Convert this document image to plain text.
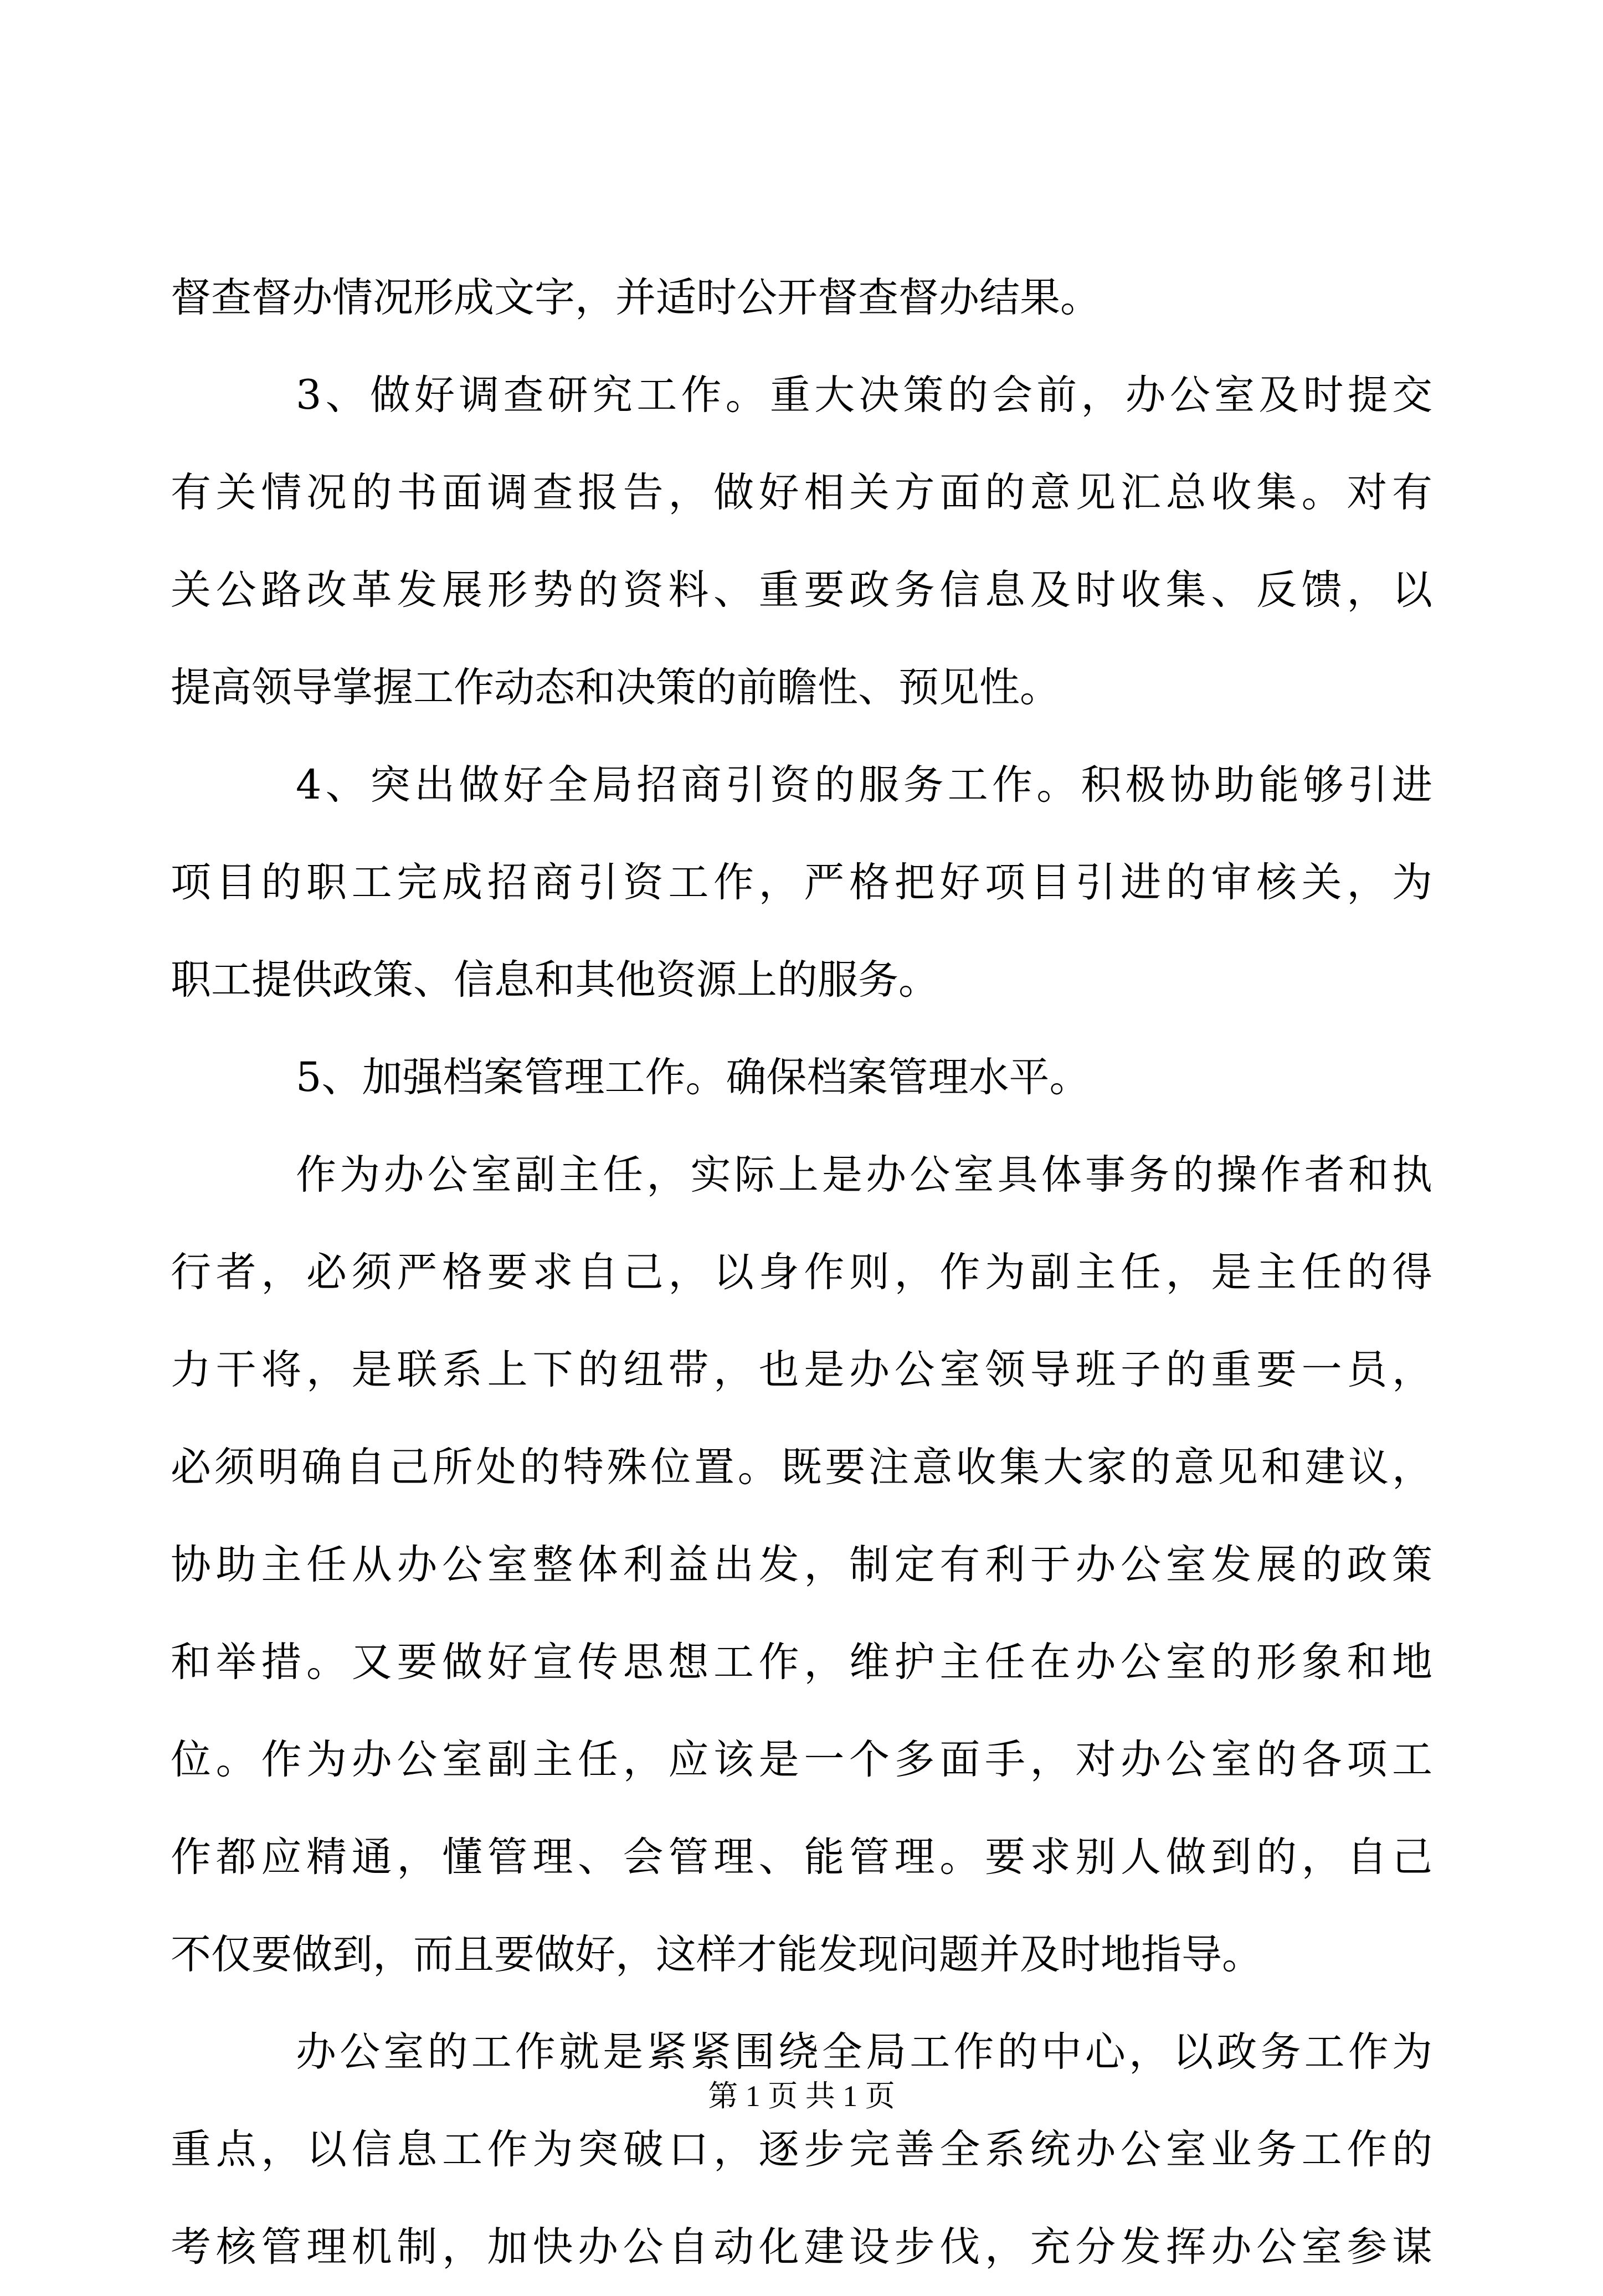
督查督办情况形成文字，并适时公开督查督办结果。
3、做好调查研究工作。重大决策的会前，办公室及时提交
有关情况的书面调查报告，做好相关方面的意见汇总收集。对有
关公路改革发展形势的资料、重要政务信息及时收集、反馈，以
提高领导掌握工作动态和决策的前瞻性、预见性。
4、突出做好全局招商引资的服务工作。积极协助能够引进
项目的职工完成招商引资工作，严格把好项目引进的审核关，为
职工提供政策、信息和其他资源上的服务。
5、加强档案管理工作。确保档案管理水平。
作为办公室副主任，实际上是办公室具体事务的操作者和执
行者，必须严格要求自己，以身作则，作为副主任，是主任的得
力干将，是联系上下的纽带，也是办公室领导班子的重要一员，
必须明确自己所处的特殊位置。既要注意收集大家的意见和建议，
协助主任从办公室整体利益出发，制定有利于办公室发展的政策
和举措。又要做好宣传思想工作，维护主任在办公室的形象和地
位。作为办公室副主任，应该是一个多面手，对办公室的各项工
作都应精通，懂管理、会管理、能管理。要求别人做到的，自己
不仅要做到，而且要做好，这样才能发现问题并及时地指导。
办公室的工作就是紧紧围绕全局工作的中心，以政务工作为
重点，以信息工作为突破口，逐步完善全系统办公室业务工作的
考核管理机制，加快办公自动化建设步伐，充分发挥办公室参谋
第 1 页 共 1 页
